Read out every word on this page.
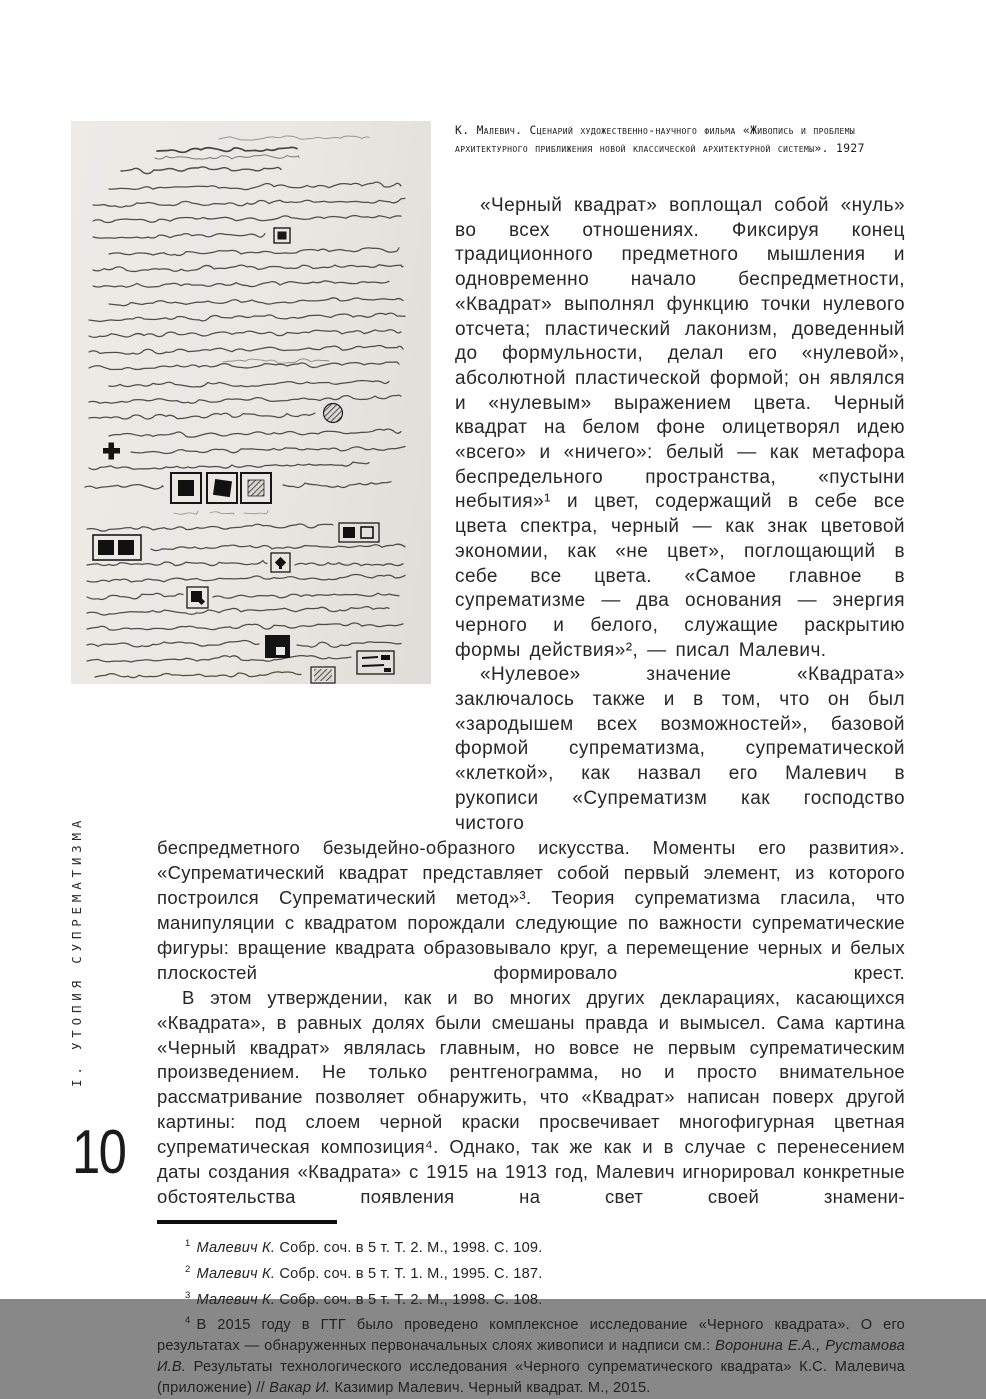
К. Малевич. Сценарий художественно-научного фильма «Живопись и проблемы архитектурного приближения новой классической архитектурной системы». 1927

«Черный квадрат» воплощал собой «нуль» во всех отношениях. Фиксируя конец традиционного предметного мышления и одновременно начало беспредметности, «Квадрат» выполнял функцию точки нулевого отсчета; пластический лаконизм, доведенный до формульности, делал его «нулевой», абсолютной пластической формой; он являлся и «нулевым» выражением цвета. Черный квадрат на белом фоне олицетворял идею «всего» и «ничего»: белый — как метафора беспредельного пространства, «пустыни небытия»¹ и цвет, содержащий в себе все цвета спектра, черный — как знак цветовой экономии, как «не цвет», поглощающий в себе все цвета. «Самое главное в супрематизме — два основания — энергия черного и белого, служащие раскрытию формы действия»², — писал Малевич.

«Нулевое» значение «Квадрата» заключалось также и в том, что он был «зародышем всех возможностей», базовой формой супрематизма, супрематической «клеткой», как назвал его Малевич в рукописи «Супрематизм как господство чистого

беспредметного безыдейно-образного искусства. Моменты его развития». «Супрематический квадрат представляет собой первый элемент, из которого построился Супрематический метод»³. Теория супрематизма гласила, что манипуляции с квадратом порождали следующие по важности супрематические фигуры: вращение квадрата образовывало круг, а перемещение черных и белых плоскостей формировало крест.

В этом утверждении, как и во многих других декларациях, касающихся «Квадрата», в равных долях были смешаны правда и вымысел. Сама картина «Черный квадрат» являлась главным, но вовсе не первым супрематическим произведением. Не только рентгенограмма, но и просто внимательное рассматривание позволяет обнаружить, что «Квадрат» написан поверх другой картины: под слоем черной краски просвечивает многофигурная цветная супрематическая композиция⁴. Однако, так же как и в случае с перенесением даты создания «Квадрата» с 1915 на 1913 год, Малевич игнорировал конкретные обстоятельства появления на свет своей знамени-

$^1$ Малевич К. Собр. соч. в 5 т. Т. 2. М., 1998. С. 109.
$^2$ Малевич К. Собр. соч. в 5 т. Т. 1. М., 1995. С. 187.
$^3$ Малевич К. Собр. соч. в 5 т. Т. 2. М., 1998. С. 108.
$^4$ В 2015 году в ГТГ было проведено комплексное исследование «Черного квадрата». О его результатах — обнаруженных первоначальных слоях живописи и надписи см.: Воронина Е.А., Рустамова И.В. Результаты технологического исследования «Черного супрематического квадрата» К.С. Малевича (приложение) // Вакар И. Казимир Малевич. Черный квадрат. М., 2015.
I. УТОПИЯ СУПРЕМАТИЗМА
10
